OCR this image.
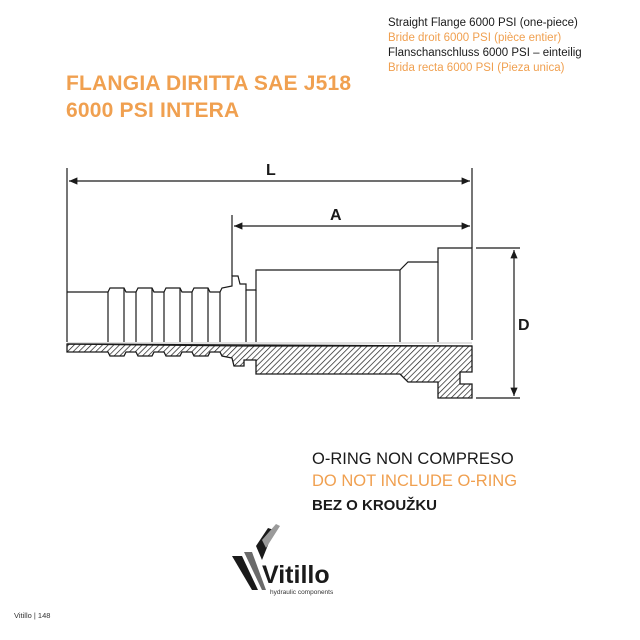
Straight Flange 6000 PSI (one-piece)
Bride droit 6000 PSI (pièce entier)
Flanschanschluss 6000 PSI – einteilig
Brida recta 6000 PSI (Pieza unica)
FLANGIA DIRITTA SAE J518
6000 PSI INTERA
L
A
D
O-RING NON COMPRESO
DO NOT INCLUDE O-RING
BEZ O KROUŽKU
Vitillo
hydraulic components
Vitillo | 148
